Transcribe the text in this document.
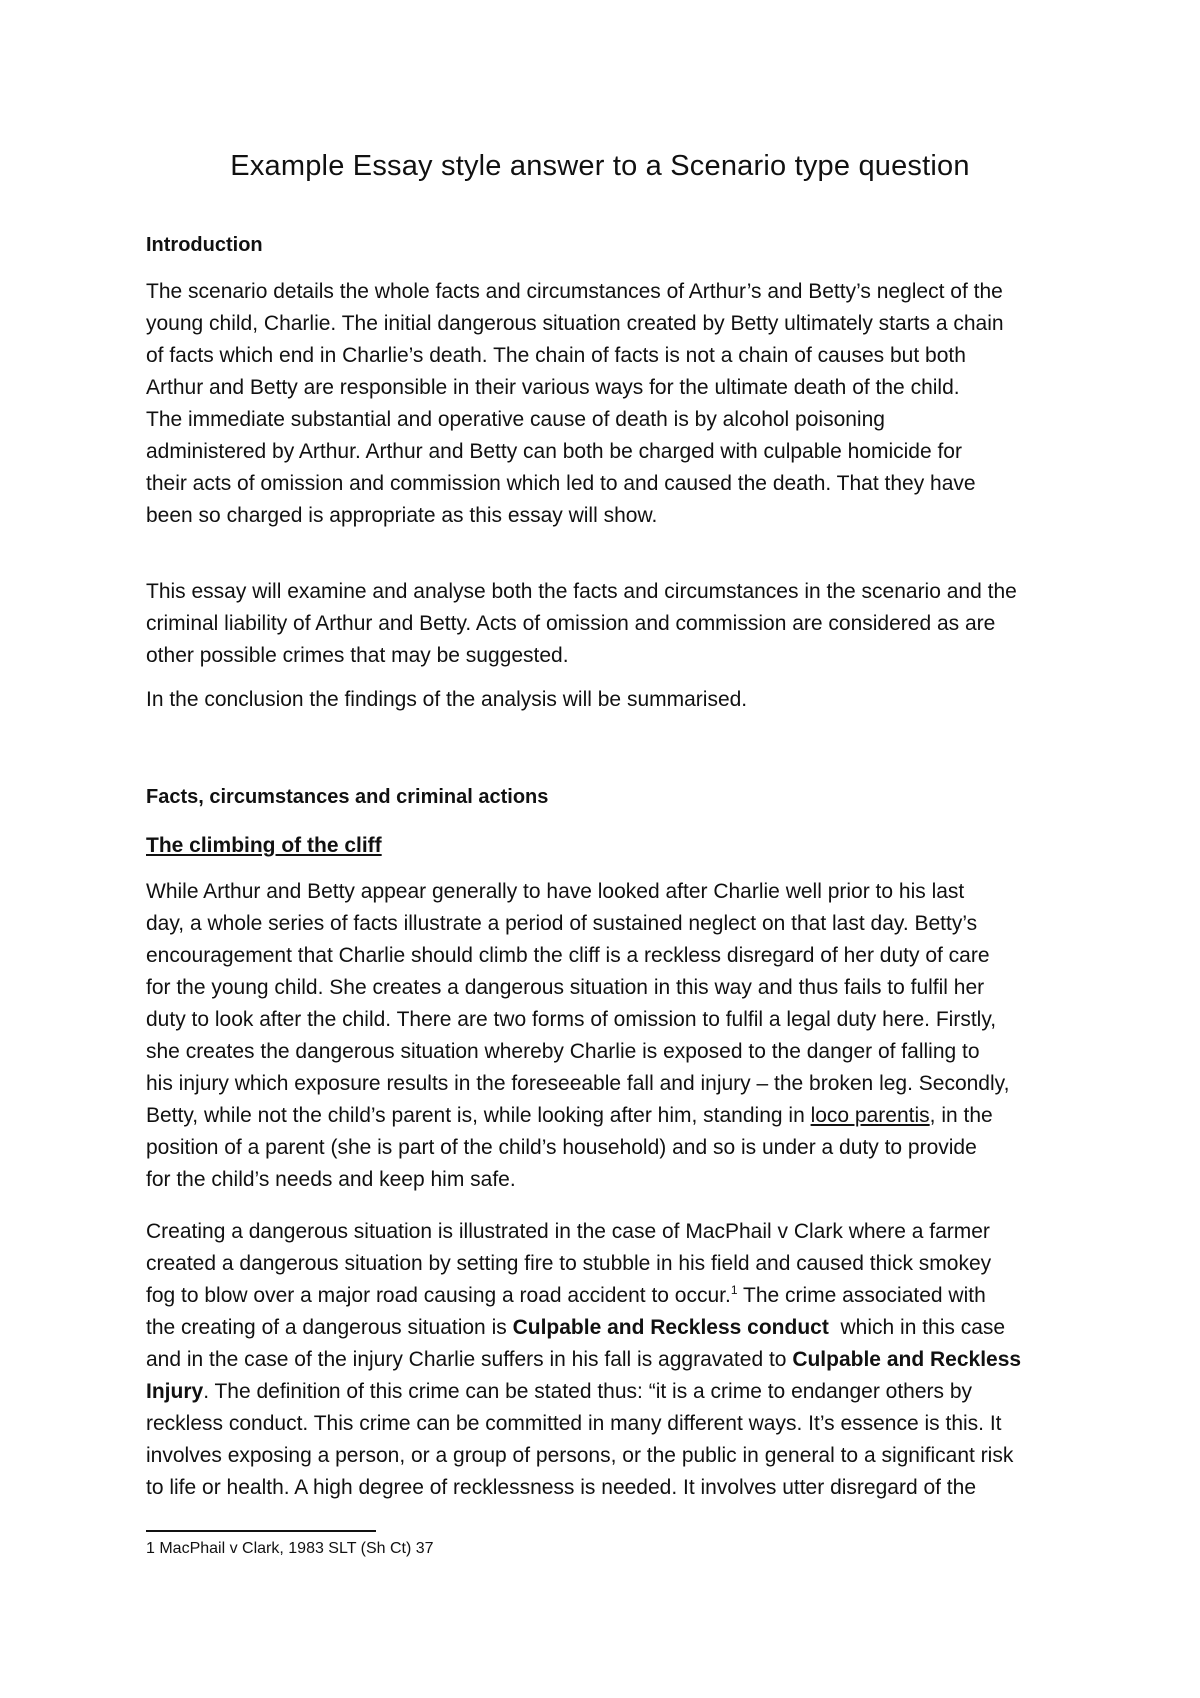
Example Essay style answer to a Scenario type question
Introduction

The scenario details the whole facts and circumstances of Arthur’s and Betty’s neglect of the
young child, Charlie. The initial dangerous situation created by Betty ultimately starts a chain
of facts which end in Charlie’s death. The chain of facts is not a chain of causes but both
Arthur and Betty are responsible in their various ways for the ultimate death of the child.
The immediate substantial and operative cause of death is by alcohol poisoning
administered by Arthur. Arthur and Betty can both be charged with culpable homicide for
their acts of omission and commission which led to and caused the death. That they have
been so charged is appropriate as this essay will show.

This essay will examine and analyse both the facts and circumstances in the scenario and the
criminal liability of Arthur and Betty. Acts of omission and commission are considered as are
other possible crimes that may be suggested.

In the conclusion the findings of the analysis will be summarised.

Facts, circumstances and criminal actions
The climbing of the cliff

While Arthur and Betty appear generally to have looked after Charlie well prior to his last
day, a whole series of facts illustrate a period of sustained neglect on that last day. Betty’s
encouragement that Charlie should climb the cliff is a reckless disregard of her duty of care
for the young child. She creates a dangerous situation in this way and thus fails to fulfil her
duty to look after the child. There are two forms of omission to fulfil a legal duty here. Firstly,
she creates the dangerous situation whereby Charlie is exposed to the danger of falling to
his injury which exposure results in the foreseeable fall and injury – the broken leg. Secondly,
Betty, while not the child’s parent is, while looking after him, standing in loco parentis, in the
position of a parent (she is part of the child’s household) and so is under a duty to provide
for the child’s needs and keep him safe.

Creating a dangerous situation is illustrated in the case of MacPhail v Clark where a farmer
created a dangerous situation by setting fire to stubble in his field and caused thick smokey
fog to blow over a major road causing a road accident to occur.$^1$ The crime associated with
the creating of a dangerous situation is Culpable and Reckless conduct  which in this case
and in the case of the injury Charlie suffers in his fall is aggravated to Culpable and Reckless
Injury. The definition of this crime can be stated thus: “it is a crime to endanger others by
reckless conduct. This crime can be committed in many different ways. It’s essence is this. It
involves exposing a person, or a group of persons, or the public in general to a significant risk
to life or health. A high degree of recklessness is needed. It involves utter disregard of the

1 MacPhail v Clark, 1983 SLT (Sh Ct) 37
